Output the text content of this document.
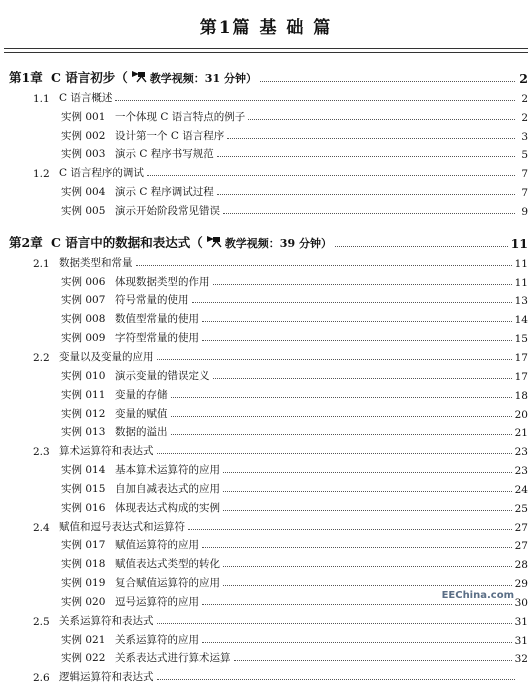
第1篇 基 础 篇
第1章 C 语言初步（ 教学视频：31 分钟）	2
1.1 C 语言概述	2
实例 001 一个体现 C 语言特点的例子	2
实例 002 设计第一个 C 语言程序	3
实例 003 演示 C 程序书写规范	5
1.2 C 语言程序的调试	7
实例 004 演示 C 程序调试过程	7
实例 005 演示开始阶段常见错误	9
第2章 C 语言中的数据和表达式（ 教学视频：39 分钟）	11
2.1 数据类型和常量	11
实例 006 体现数据类型的作用	11
实例 007 符号常量的使用	13
实例 008 数值型常量的使用	14
实例 009 字符型常量的使用	15
2.2 变量以及变量的应用	17
实例 010 演示变量的错误定义	17
实例 011 变量的存储	18
实例 012 变量的赋值	20
实例 013 数据的溢出	21
2.3 算术运算符和表达式	23
实例 014 基本算术运算符的应用	23
实例 015 自加自减表达式的应用	24
实例 016 体现表达式构成的实例	25
2.4 赋值和逗号表达式和运算符	27
实例 017 赋值运算符的应用	27
实例 018 赋值表达式类型的转化	28
实例 019 复合赋值运算符的应用	29
实例 020 逗号运算符的应用	30
2.5 关系运算符和表达式	31
实例 021 关系运算符的应用	31
实例 022 关系表达式进行算术运算	32
2.6 逻辑运算符和表达式
EEChina.com
